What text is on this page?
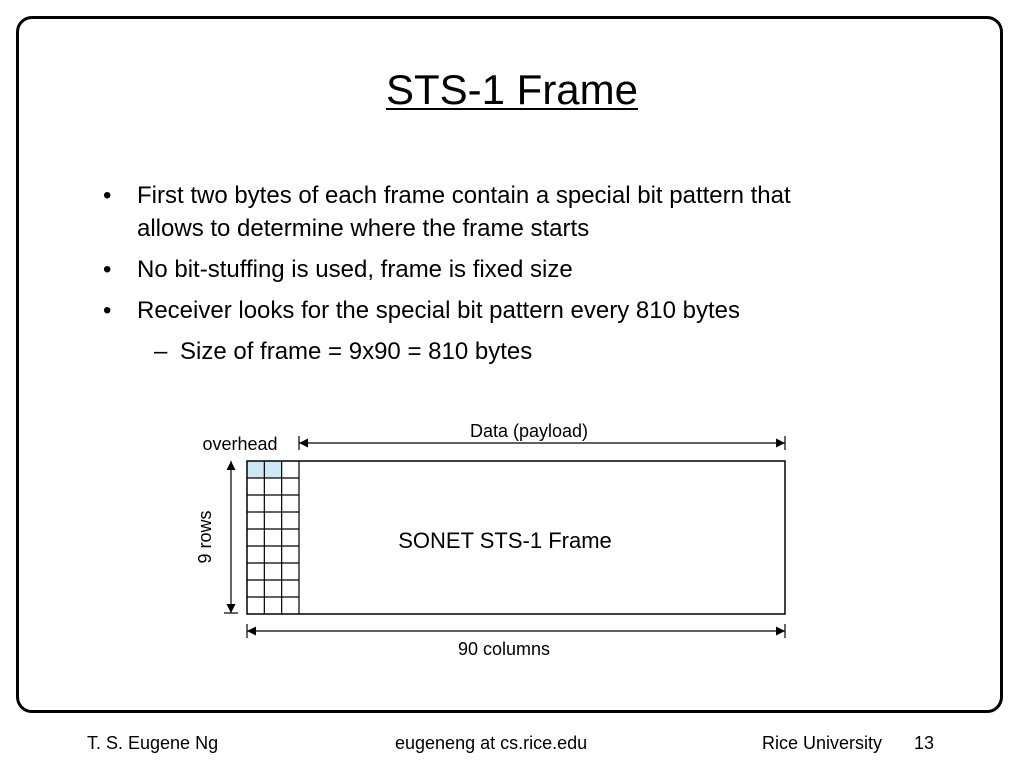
STS-1 Frame
• First two bytes of each frame contain a special bit pattern that
allows to determine where the frame starts
• No bit-stuffing is used, frame is fixed size
• Receiver looks for the special bit pattern every 810 bytes
– Size of frame = 9x90 = 810 bytes
SONET STS-1 Frame
Data (payload)
overhead
9 rows
90 columns
T. S. Eugene Ng	eugeneng at cs.rice.edu	Rice University 13
